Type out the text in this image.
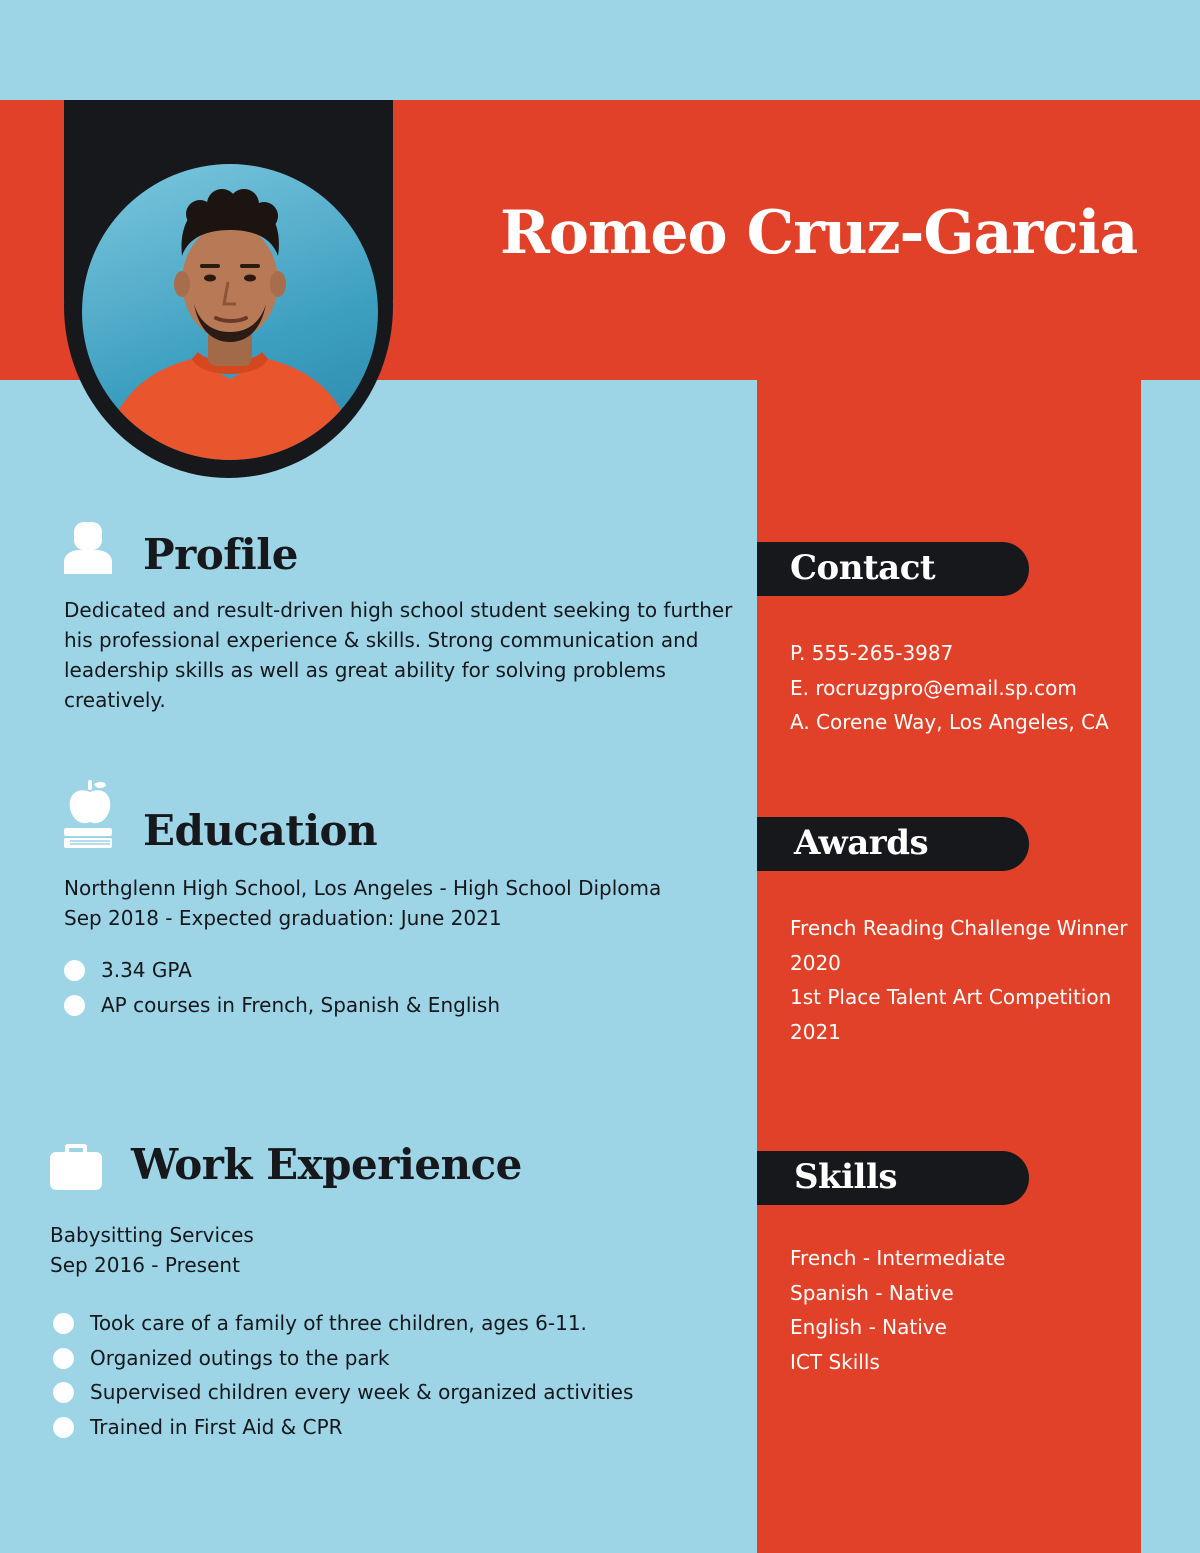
Romeo Cruz-Garcia
Profile
Dedicated and result-driven high school student seeking to further
his professional experience & skills. Strong communication and
leadership skills as well as great ability for solving problems creatively.
Education
Northglenn High School, Los Angeles - High School Diploma
Sep 2018 - Expected graduation: June 2021
3.34 GPA
AP courses in French, Spanish & English
Work Experience
Babysitting Services
Sep 2016 - Present
Took care of a family of three children, ages 6-11.
Organized outings to the park
Supervised children every week & organized activities
Trained in First Aid & CPR
Contact
P. 555-265-3987
E. rocruzgpro@email.sp.com
A. Corene Way, Los Angeles, CA
Awards
French Reading Challenge Winner
2020
1st Place Talent Art Competition
2021
Skills
French - Intermediate
Spanish - Native
English - Native
ICT Skills
